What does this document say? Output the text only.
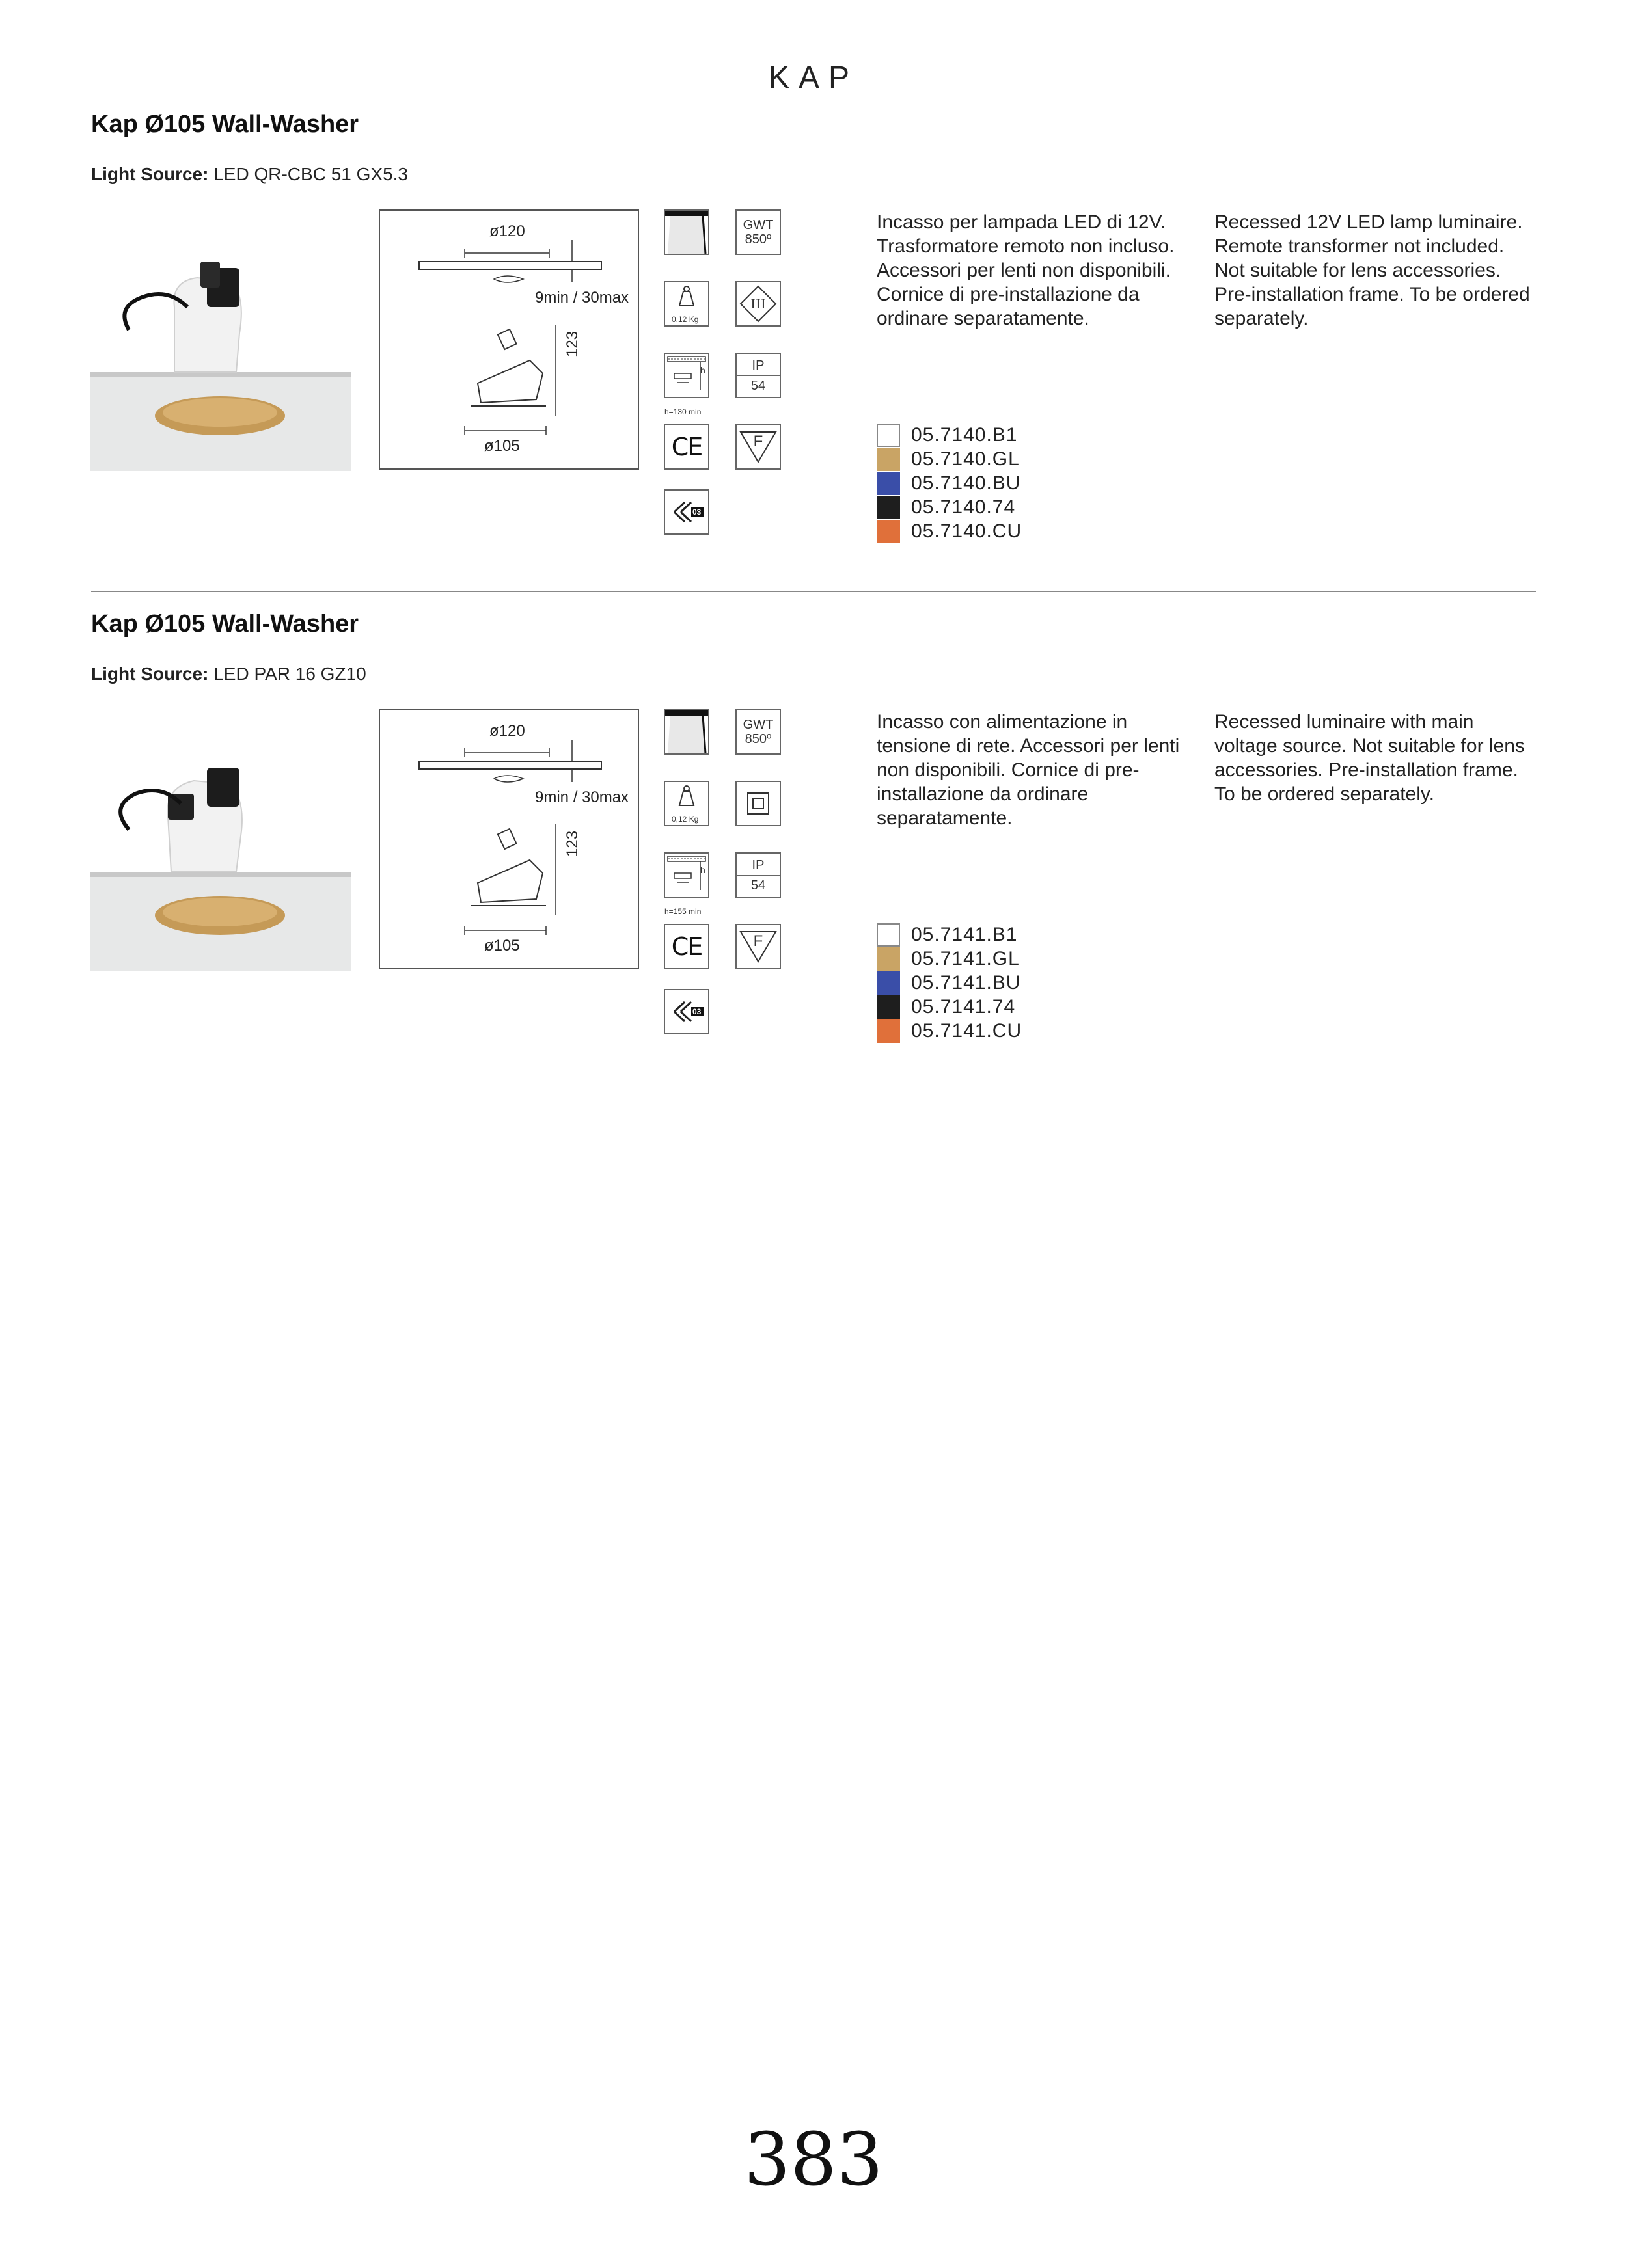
KAP
Kap Ø105 Wall-Washer
Light Source: LED QR-CBC 51 GX5.3
ø120
9min / 30max
123
ø105
GWT
850º
0,12 Kg
III
h
h=130 min
IP
54
CE	F
03
Incasso per lampada LED di 12V. Trasformatore remoto non incluso. Accessori per lenti non disponibili. Cornice di pre-installazione da ordinare separatamente.
Recessed 12V LED lamp luminaire. Remote transformer not included. Not suitable for lens accessories. Pre-installation frame. To be ordered separately.
05.7140.B1
05.7140.GL
05.7140.BU
05.7140.74
05.7140.CU
Kap Ø105 Wall-Washer
Light Source: LED PAR 16 GZ10
ø120
9min / 30max
123
ø105
GWT
850º
0,12 Kg
h
h=155 min
IP
54
CE	F
03
Incasso con alimentazione in tensione di rete. Accessori per lenti non disponibili. Cornice di pre-installazione da ordinare separatamente.
Recessed luminaire with main voltage source. Not suitable for lens accessories. Pre-installation frame. To be ordered separately.
05.7141.B1
05.7141.GL
05.7141.BU
05.7141.74
05.7141.CU
383
